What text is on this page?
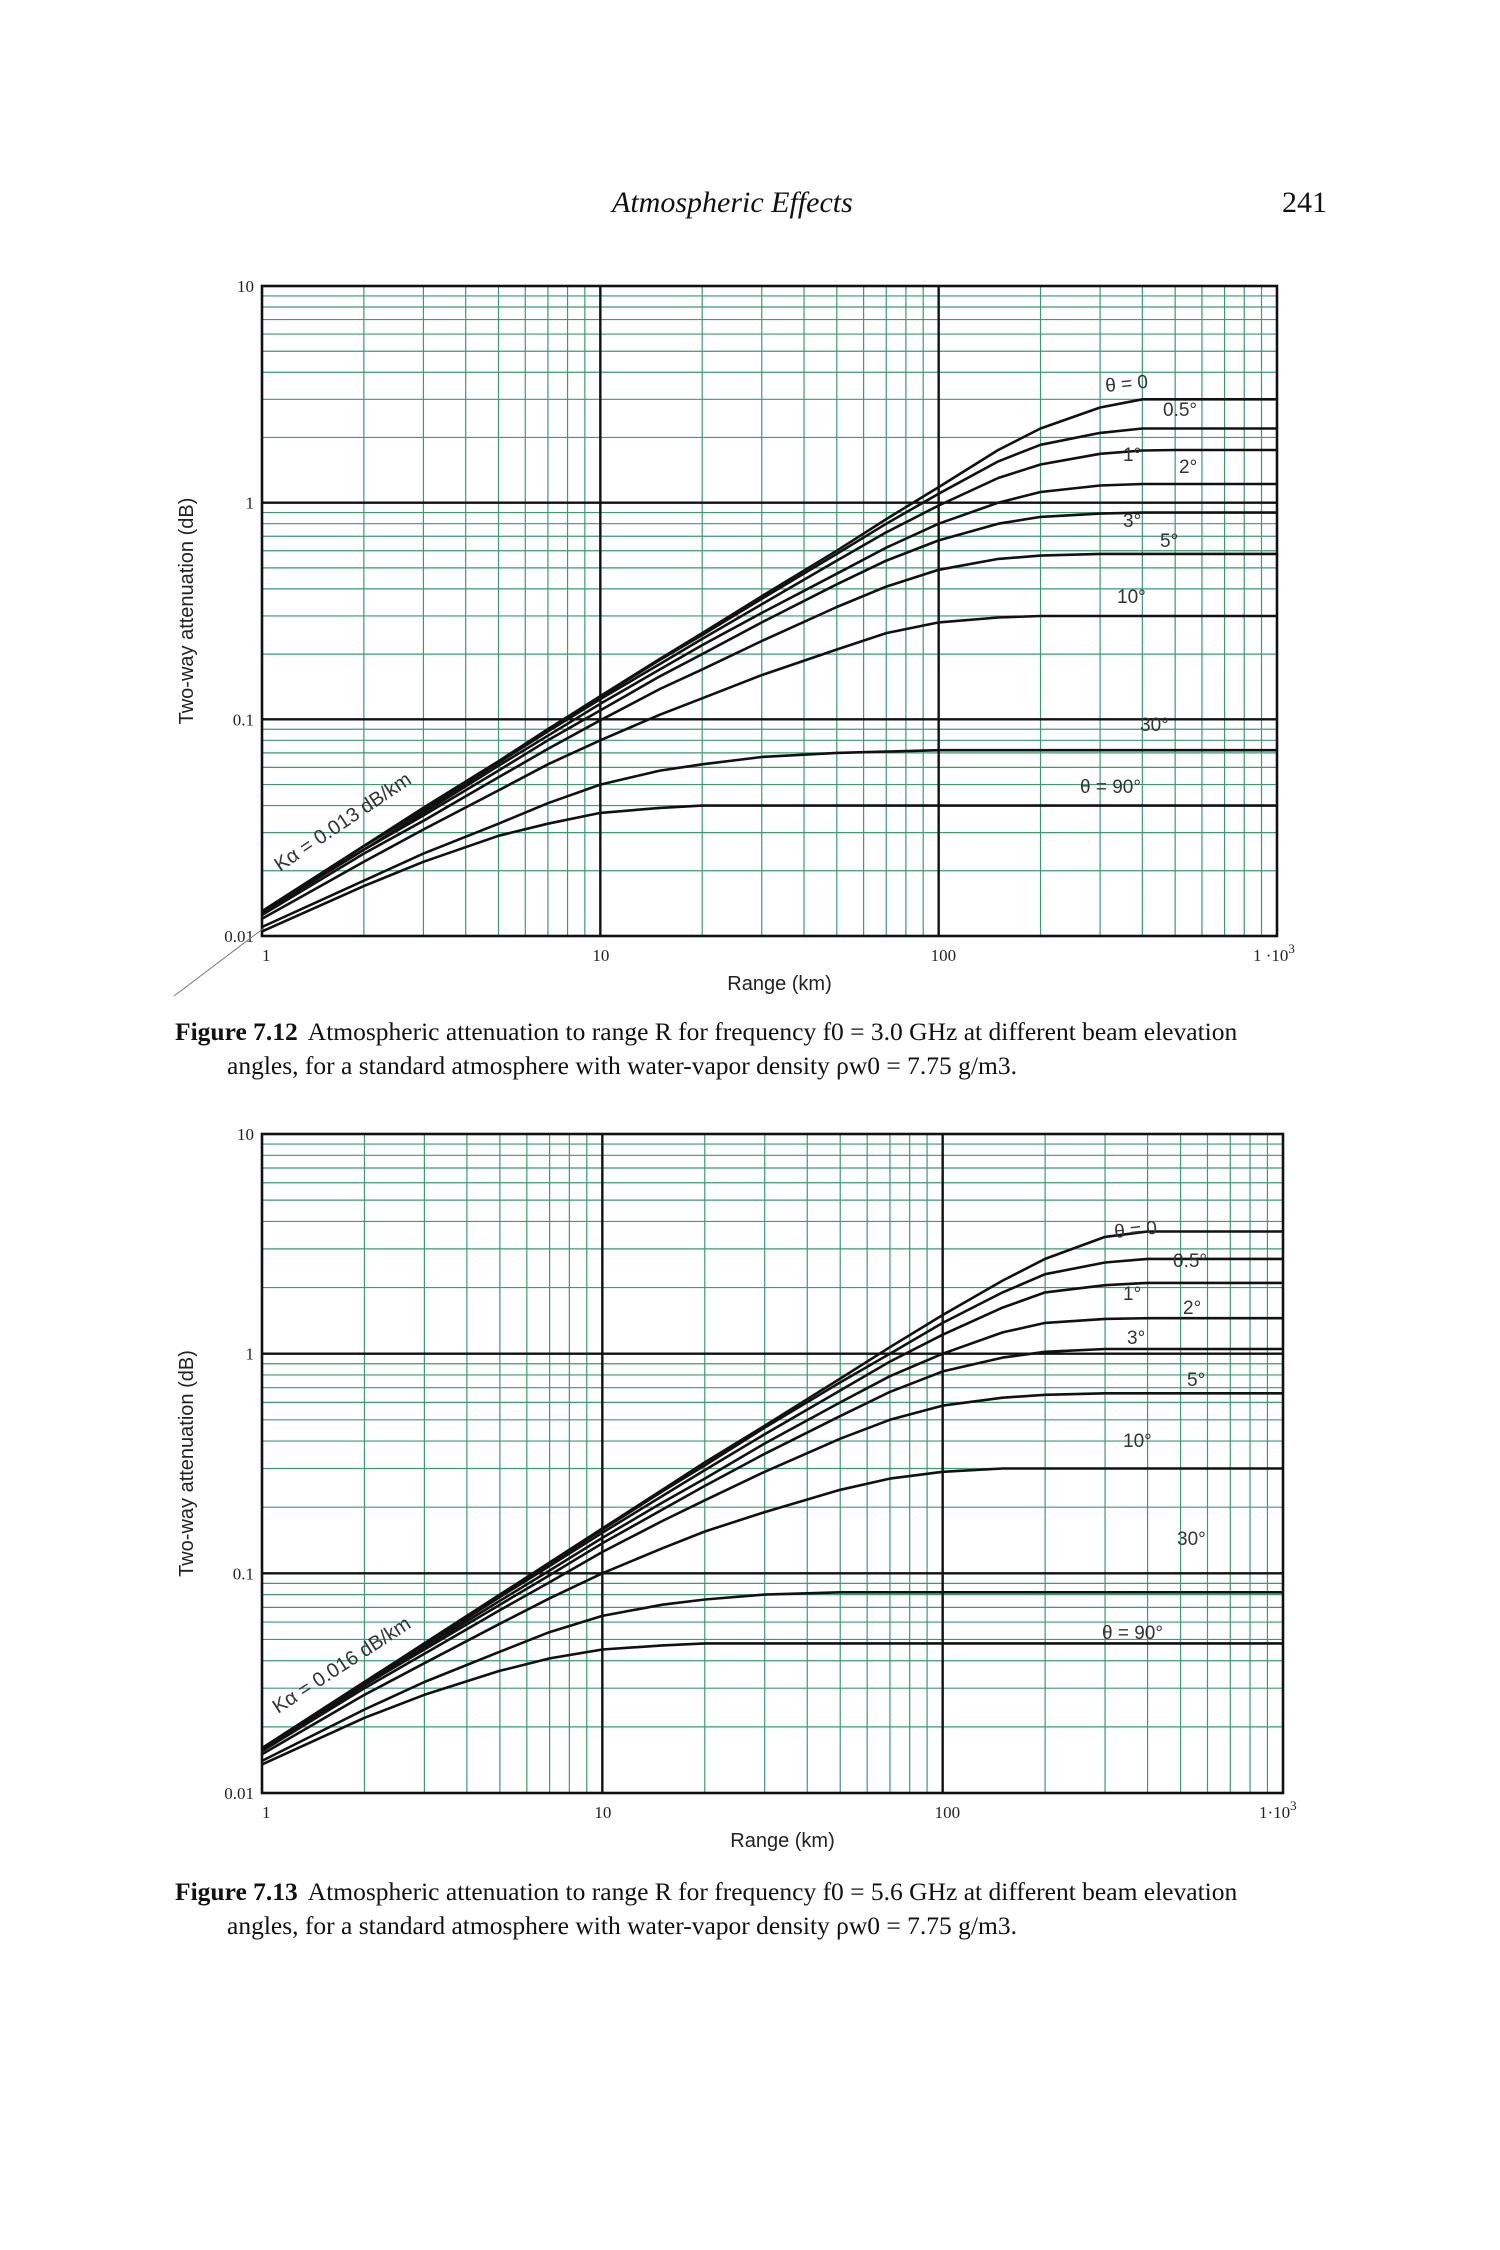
Atmospheric Effects	241
1	10	100	$1 \cdot 10^3$
0.01
0.1
1
10
Range (km)
Two-way attenuation (dB)
θ = 0
0.5°
1°
2°
3°
5°
10°
30°
θ = 90°
Kα = 0.013 dB/km
Figure 7.12 Atmospheric attenuation to range R for frequency f0 = 3.0 GHz at different beam elevation angles, for a standard atmosphere with water-vapor density ρw0 = 7.75 g/m3.
1	10	100	$1\cdot 10^3$
0.01
0.1
1
10
Range (km)
Two-way attenuation (dB)
θ = 0
0.5°
1°
2°
3°
5°
10°
30°
θ = 90°
Kα = 0.016 dB/km
Figure 7.13 Atmospheric attenuation to range R for frequency f0 = 5.6 GHz at different beam elevation angles, for a standard atmosphere with water-vapor density ρw0 = 7.75 g/m3.
